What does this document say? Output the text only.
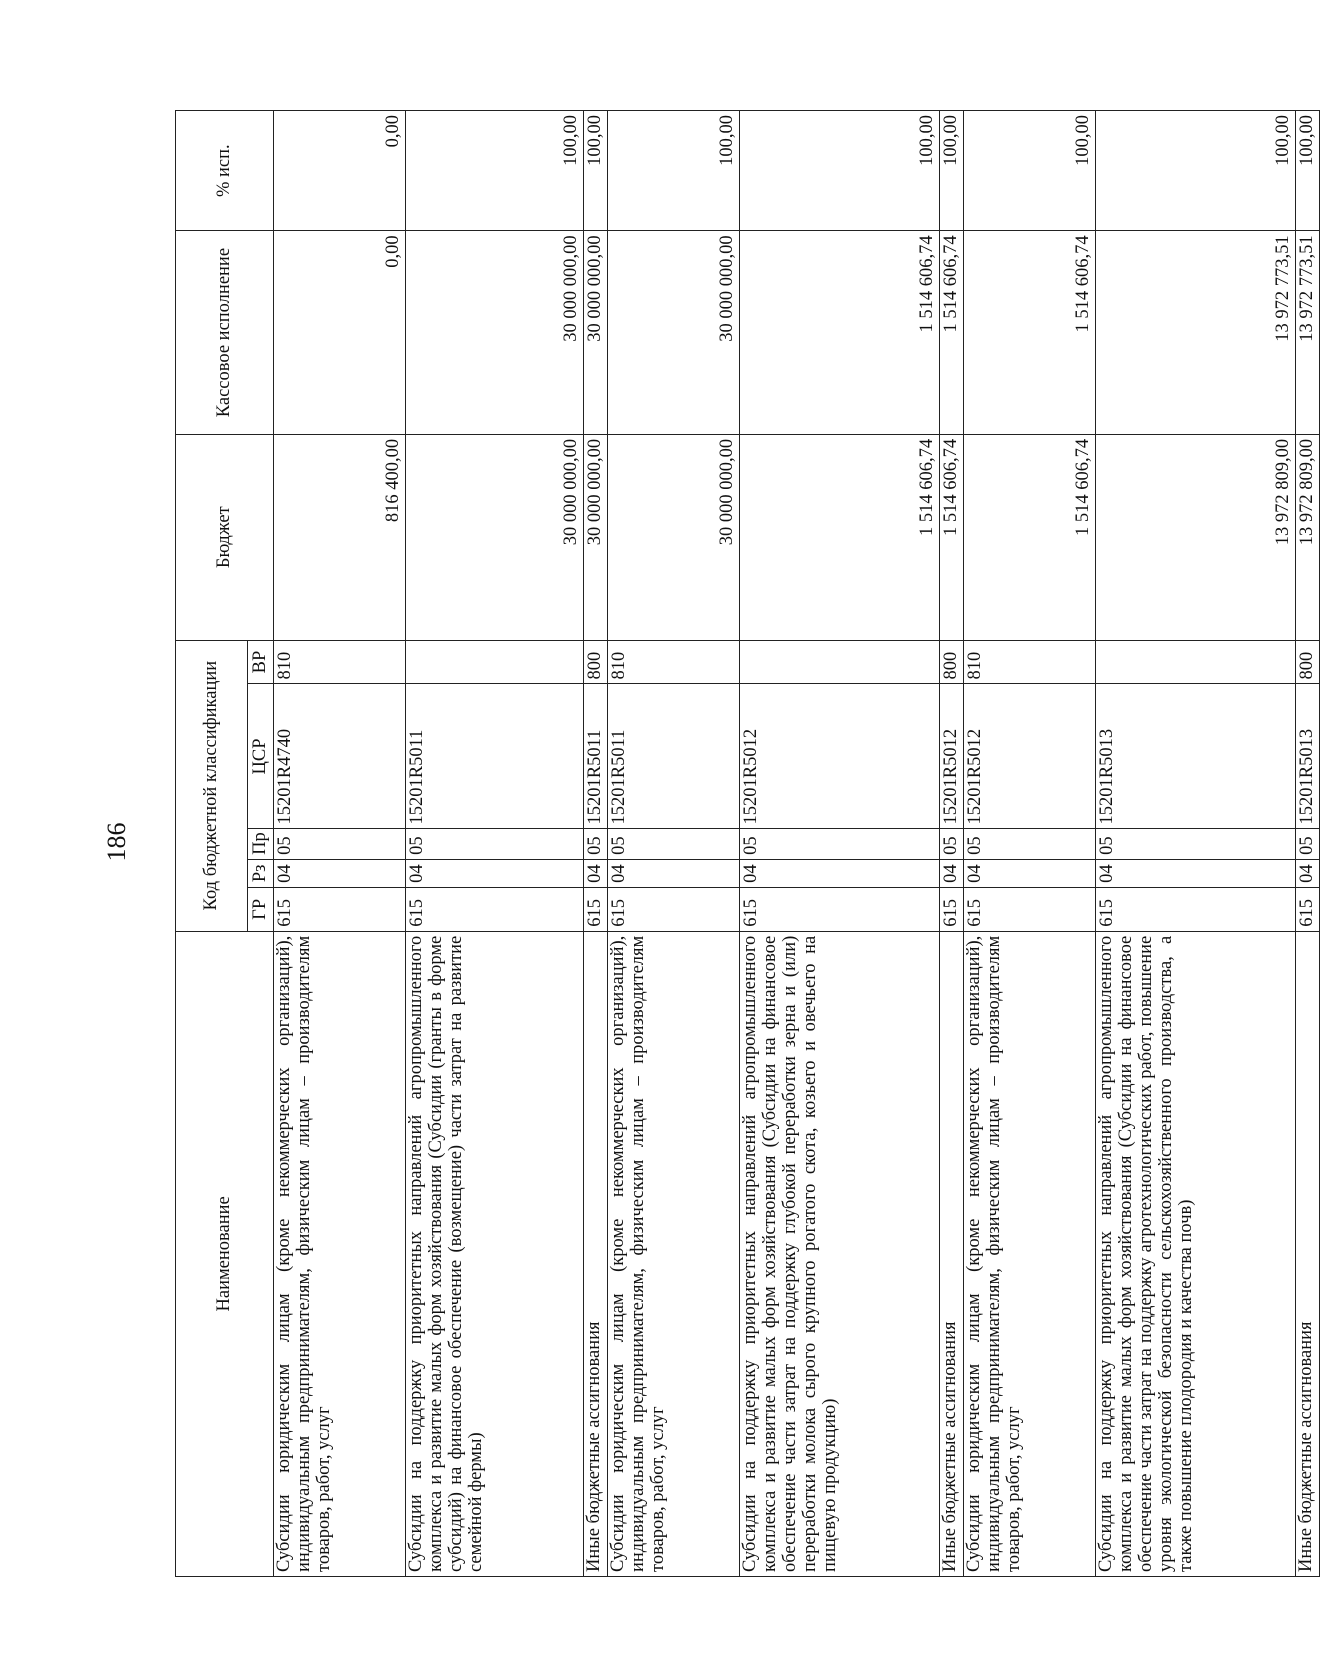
186
Наименование	Код бюджетной классификации					Бюджет	Кассовое исполнение	% исп.
	ГР	Рз	Пр	ЦСР	ВР			
Субсидии юридическим лицам (кроме некоммерческих организаций), индивидуальным предпринимателям, физическим лицам – производителям товаров, работ, услуг	615	04	05	15201R4740	810	816 400,00	0,00	0,00
Субсидии на поддержку приоритетных направлений агропромышленного комплекса и развитие малых форм хозяйствования (Субсидии (гранты в форме субсидий) на финансовое обеспечение (возмещение) части затрат на развитие семейной фермы)	615	04	05	15201R5011		30 000 000,00	30 000 000,00	100,00
Иные бюджетные ассигнования	615	04	05	15201R5011	800	30 000 000,00	30 000 000,00	100,00
Субсидии юридическим лицам (кроме некоммерческих организаций), индивидуальным предпринимателям, физическим лицам – производителям товаров, работ, услуг	615	04	05	15201R5011	810	30 000 000,00	30 000 000,00	100,00
Субсидии на поддержку приоритетных направлений агропромышленного комплекса и развитие малых форм хозяйствования (Субсидии на финансовое обеспечение части затрат на поддержку глубокой переработки зерна и (или) переработки молока сырого крупного рогатого скота, козьего и овечьего на пищевую продукцию)	615	04	05	15201R5012		1 514 606,74	1 514 606,74	100,00
Иные бюджетные ассигнования	615	04	05	15201R5012	800	1 514 606,74	1 514 606,74	100,00
Субсидии юридическим лицам (кроме некоммерческих организаций), индивидуальным предпринимателям, физическим лицам – производителям товаров, работ, услуг	615	04	05	15201R5012	810	1 514 606,74	1 514 606,74	100,00
Субсидии на поддержку приоритетных направлений агропромышленного комплекса и развитие малых форм хозяйствования (Субсидии на финансовое обеспечение части затрат на поддержку агротехнологических работ, повышение уровня экологической безопасности сельскохозяйственного производства, а также повышение плодородия и качества почв)	615	04	05	15201R5013		13 972 809,00	13 972 773,51	100,00
Иные бюджетные ассигнования	615	04	05	15201R5013	800	13 972 809,00	13 972 773,51	100,00
